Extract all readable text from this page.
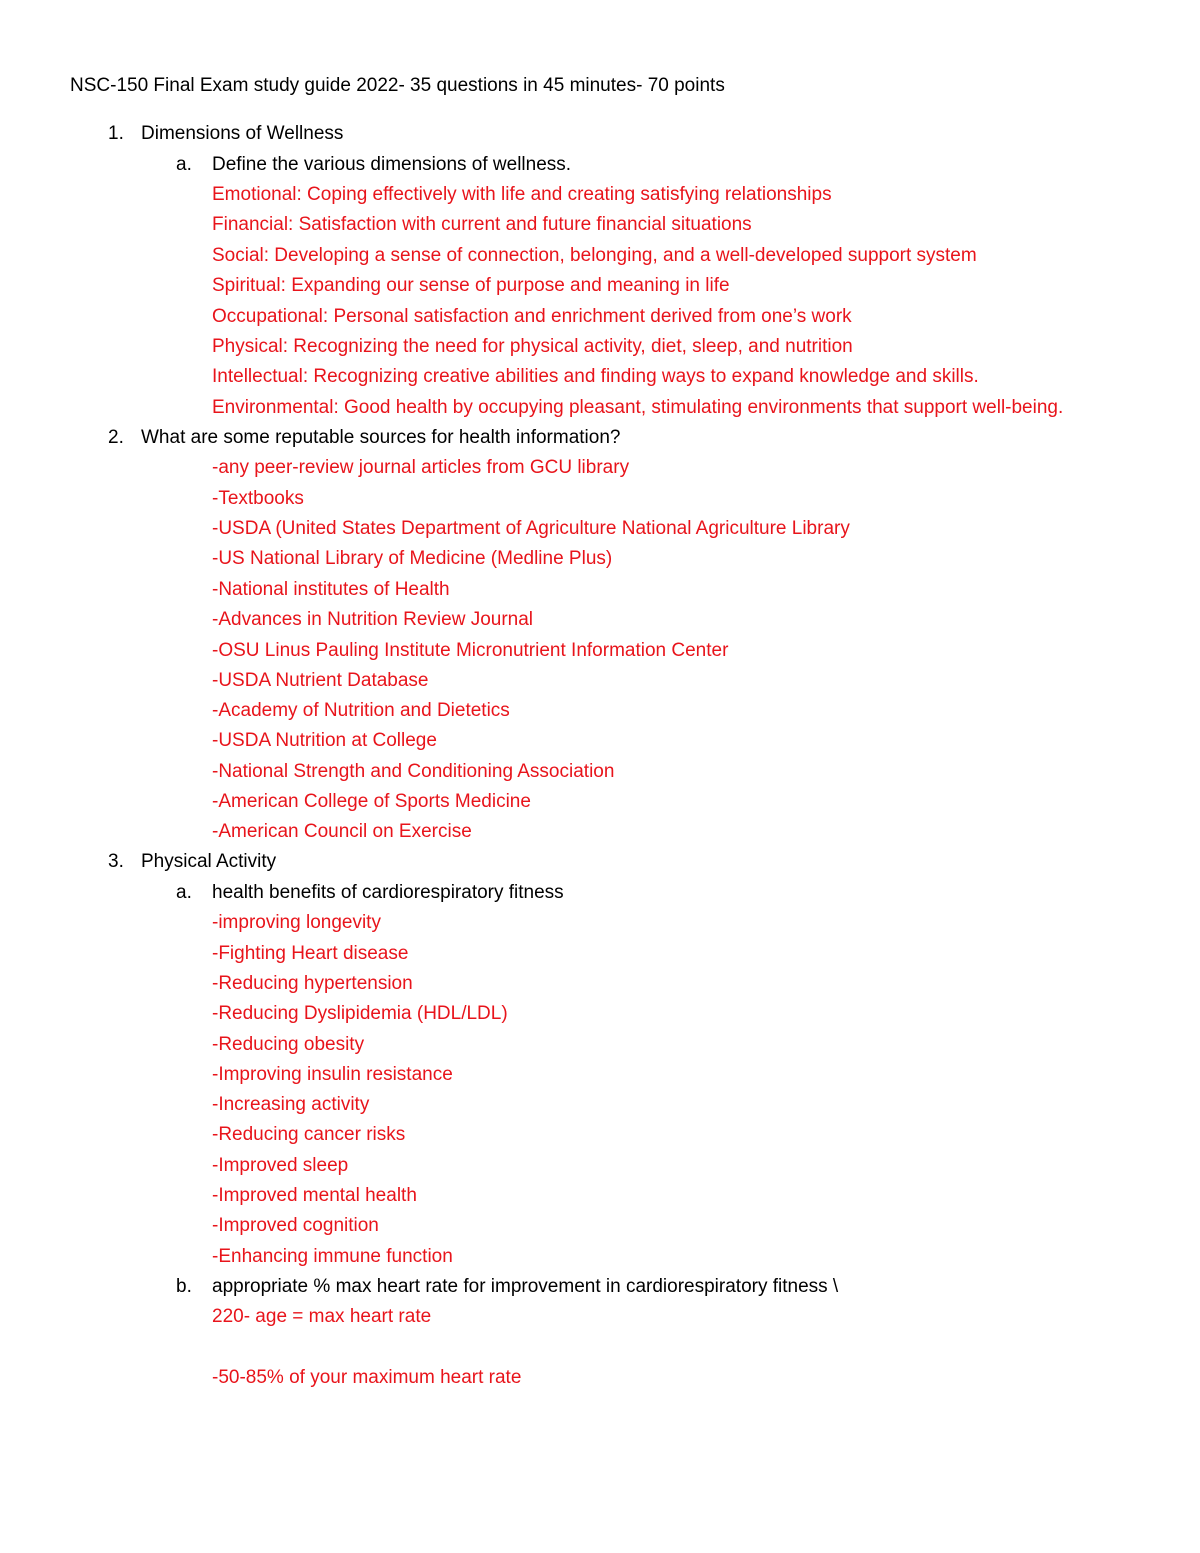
NSC-150 Final Exam study guide 2022- 35 questions in 45 minutes- 70 points
1. Dimensions of Wellness
a. Define the various dimensions of wellness.
Emotional: Coping effectively with life and creating satisfying relationships
Financial: Satisfaction with current and future financial situations
Social: Developing a sense of connection, belonging, and a well-developed support system
Spiritual: Expanding our sense of purpose and meaning in life
Occupational: Personal satisfaction and enrichment derived from one’s work
Physical: Recognizing the need for physical activity, diet, sleep, and nutrition
Intellectual: Recognizing creative abilities and finding ways to expand knowledge and skills.
Environmental: Good health by occupying pleasant, stimulating environments that support well-being.
2. What are some reputable sources for health information?
-any peer-review journal articles from GCU library
-Textbooks
-USDA (United States Department of Agriculture National Agriculture Library
-US National Library of Medicine (Medline Plus)
-National institutes of Health
-Advances in Nutrition Review Journal
-OSU Linus Pauling Institute Micronutrient Information Center
-USDA Nutrient Database
-Academy of Nutrition and Dietetics
-USDA Nutrition at College
-National Strength and Conditioning Association
-American College of Sports Medicine
-American Council on Exercise
3. Physical Activity
a. health benefits of cardiorespiratory fitness
-improving longevity
-Fighting Heart disease
-Reducing hypertension
-Reducing Dyslipidemia (HDL/LDL)
-Reducing obesity
-Improving insulin resistance
-Increasing activity
-Reducing cancer risks
-Improved sleep
-Improved mental health
-Improved cognition
-Enhancing immune function
b. appropriate % max heart rate for improvement in cardiorespiratory fitness \
220- age = max heart rate
-50-85% of your maximum heart rate
